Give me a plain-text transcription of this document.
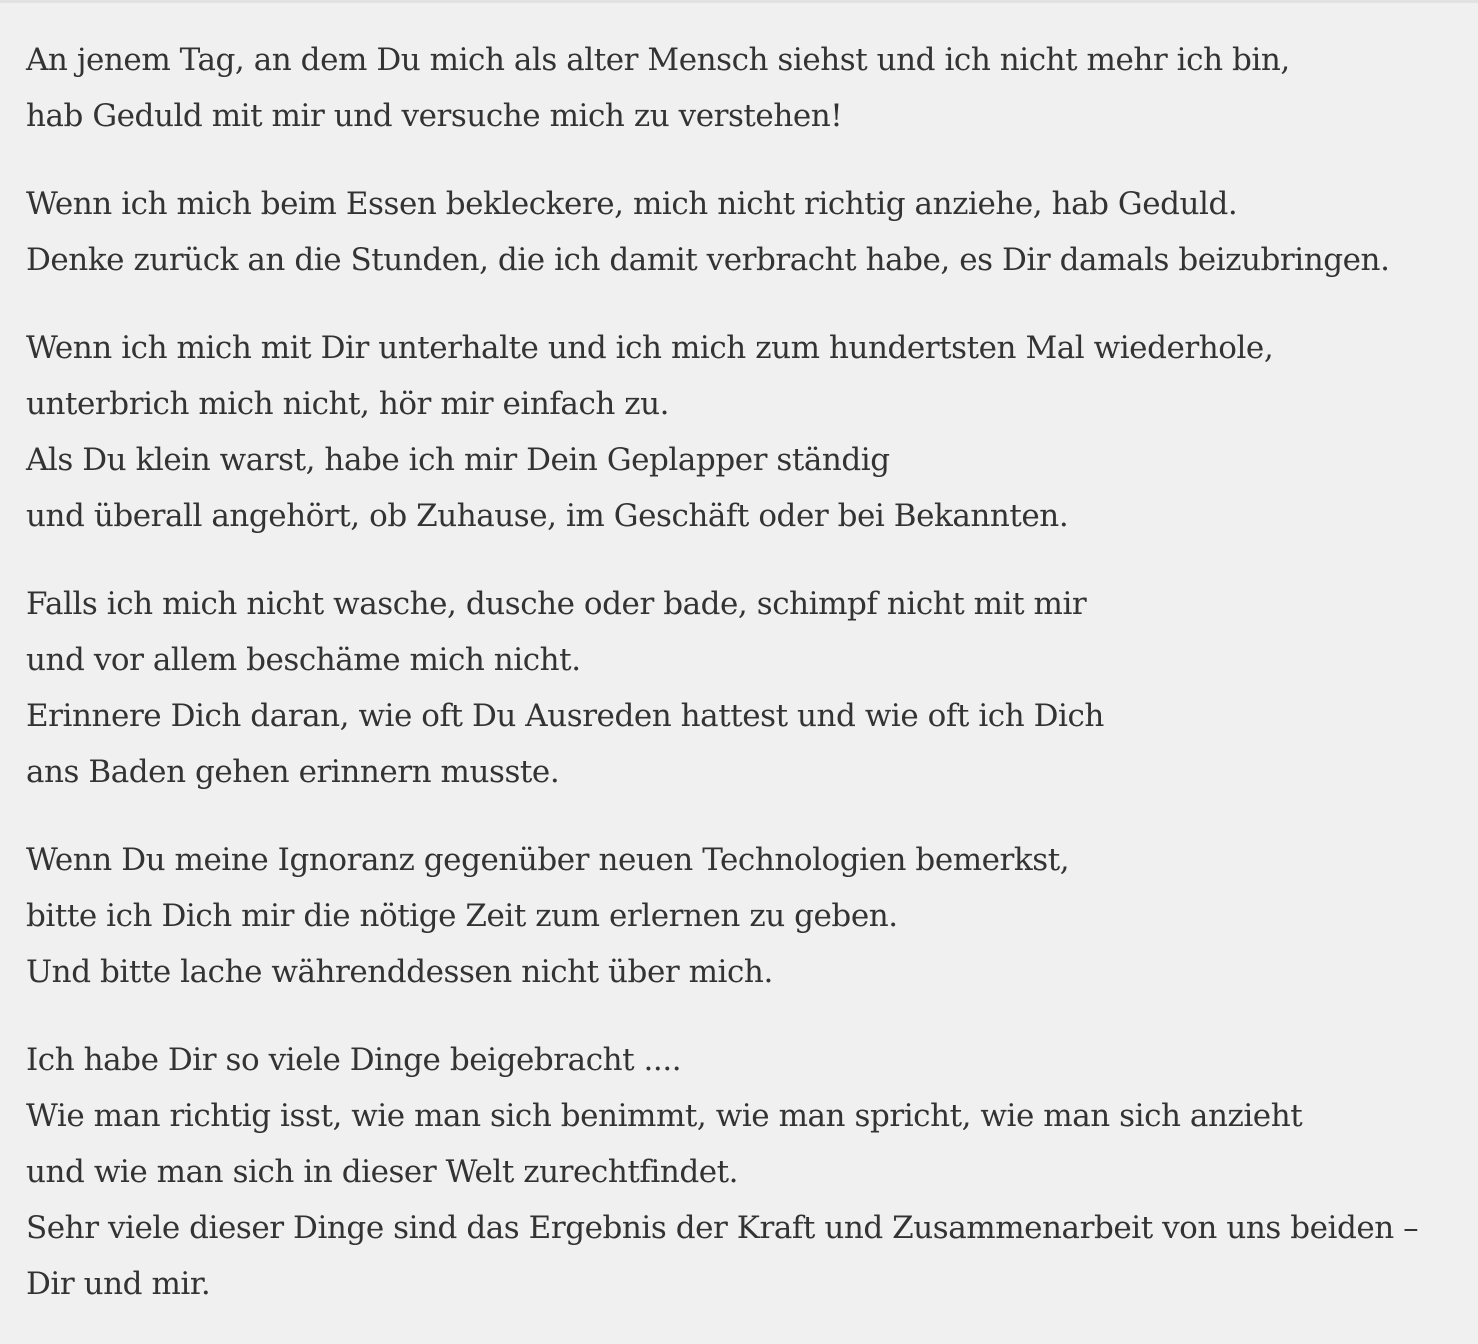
An jenem Tag, an dem Du mich als alter Mensch siehst und ich nicht mehr ich bin,
hab Geduld mit mir und versuche mich zu verstehen!

Wenn ich mich beim Essen bekleckere, mich nicht richtig anziehe, hab Geduld.
Denke zurück an die Stunden, die ich damit verbracht habe, es Dir damals beizubringen.

Wenn ich mich mit Dir unterhalte und ich mich zum hundertsten Mal wiederhole,
unterbrich mich nicht, hör mir einfach zu.
Als Du klein warst, habe ich mir Dein Geplapper ständig
und überall angehört, ob Zuhause, im Geschäft oder bei Bekannten.

Falls ich mich nicht wasche, dusche oder bade, schimpf nicht mit mir
und vor allem beschäme mich nicht.
Erinnere Dich daran, wie oft Du Ausreden hattest und wie oft ich Dich
ans Baden gehen erinnern musste.

Wenn Du meine Ignoranz gegenüber neuen Technologien bemerkst,
bitte ich Dich mir die nötige Zeit zum erlernen zu geben.
Und bitte lache währenddessen nicht über mich.

Ich habe Dir so viele Dinge beigebracht ....
Wie man richtig isst, wie man sich benimmt, wie man spricht, wie man sich anzieht
und wie man sich in dieser Welt zurechtfindet.
Sehr viele dieser Dinge sind das Ergebnis der Kraft und Zusammenarbeit von uns beiden –
Dir und mir.
